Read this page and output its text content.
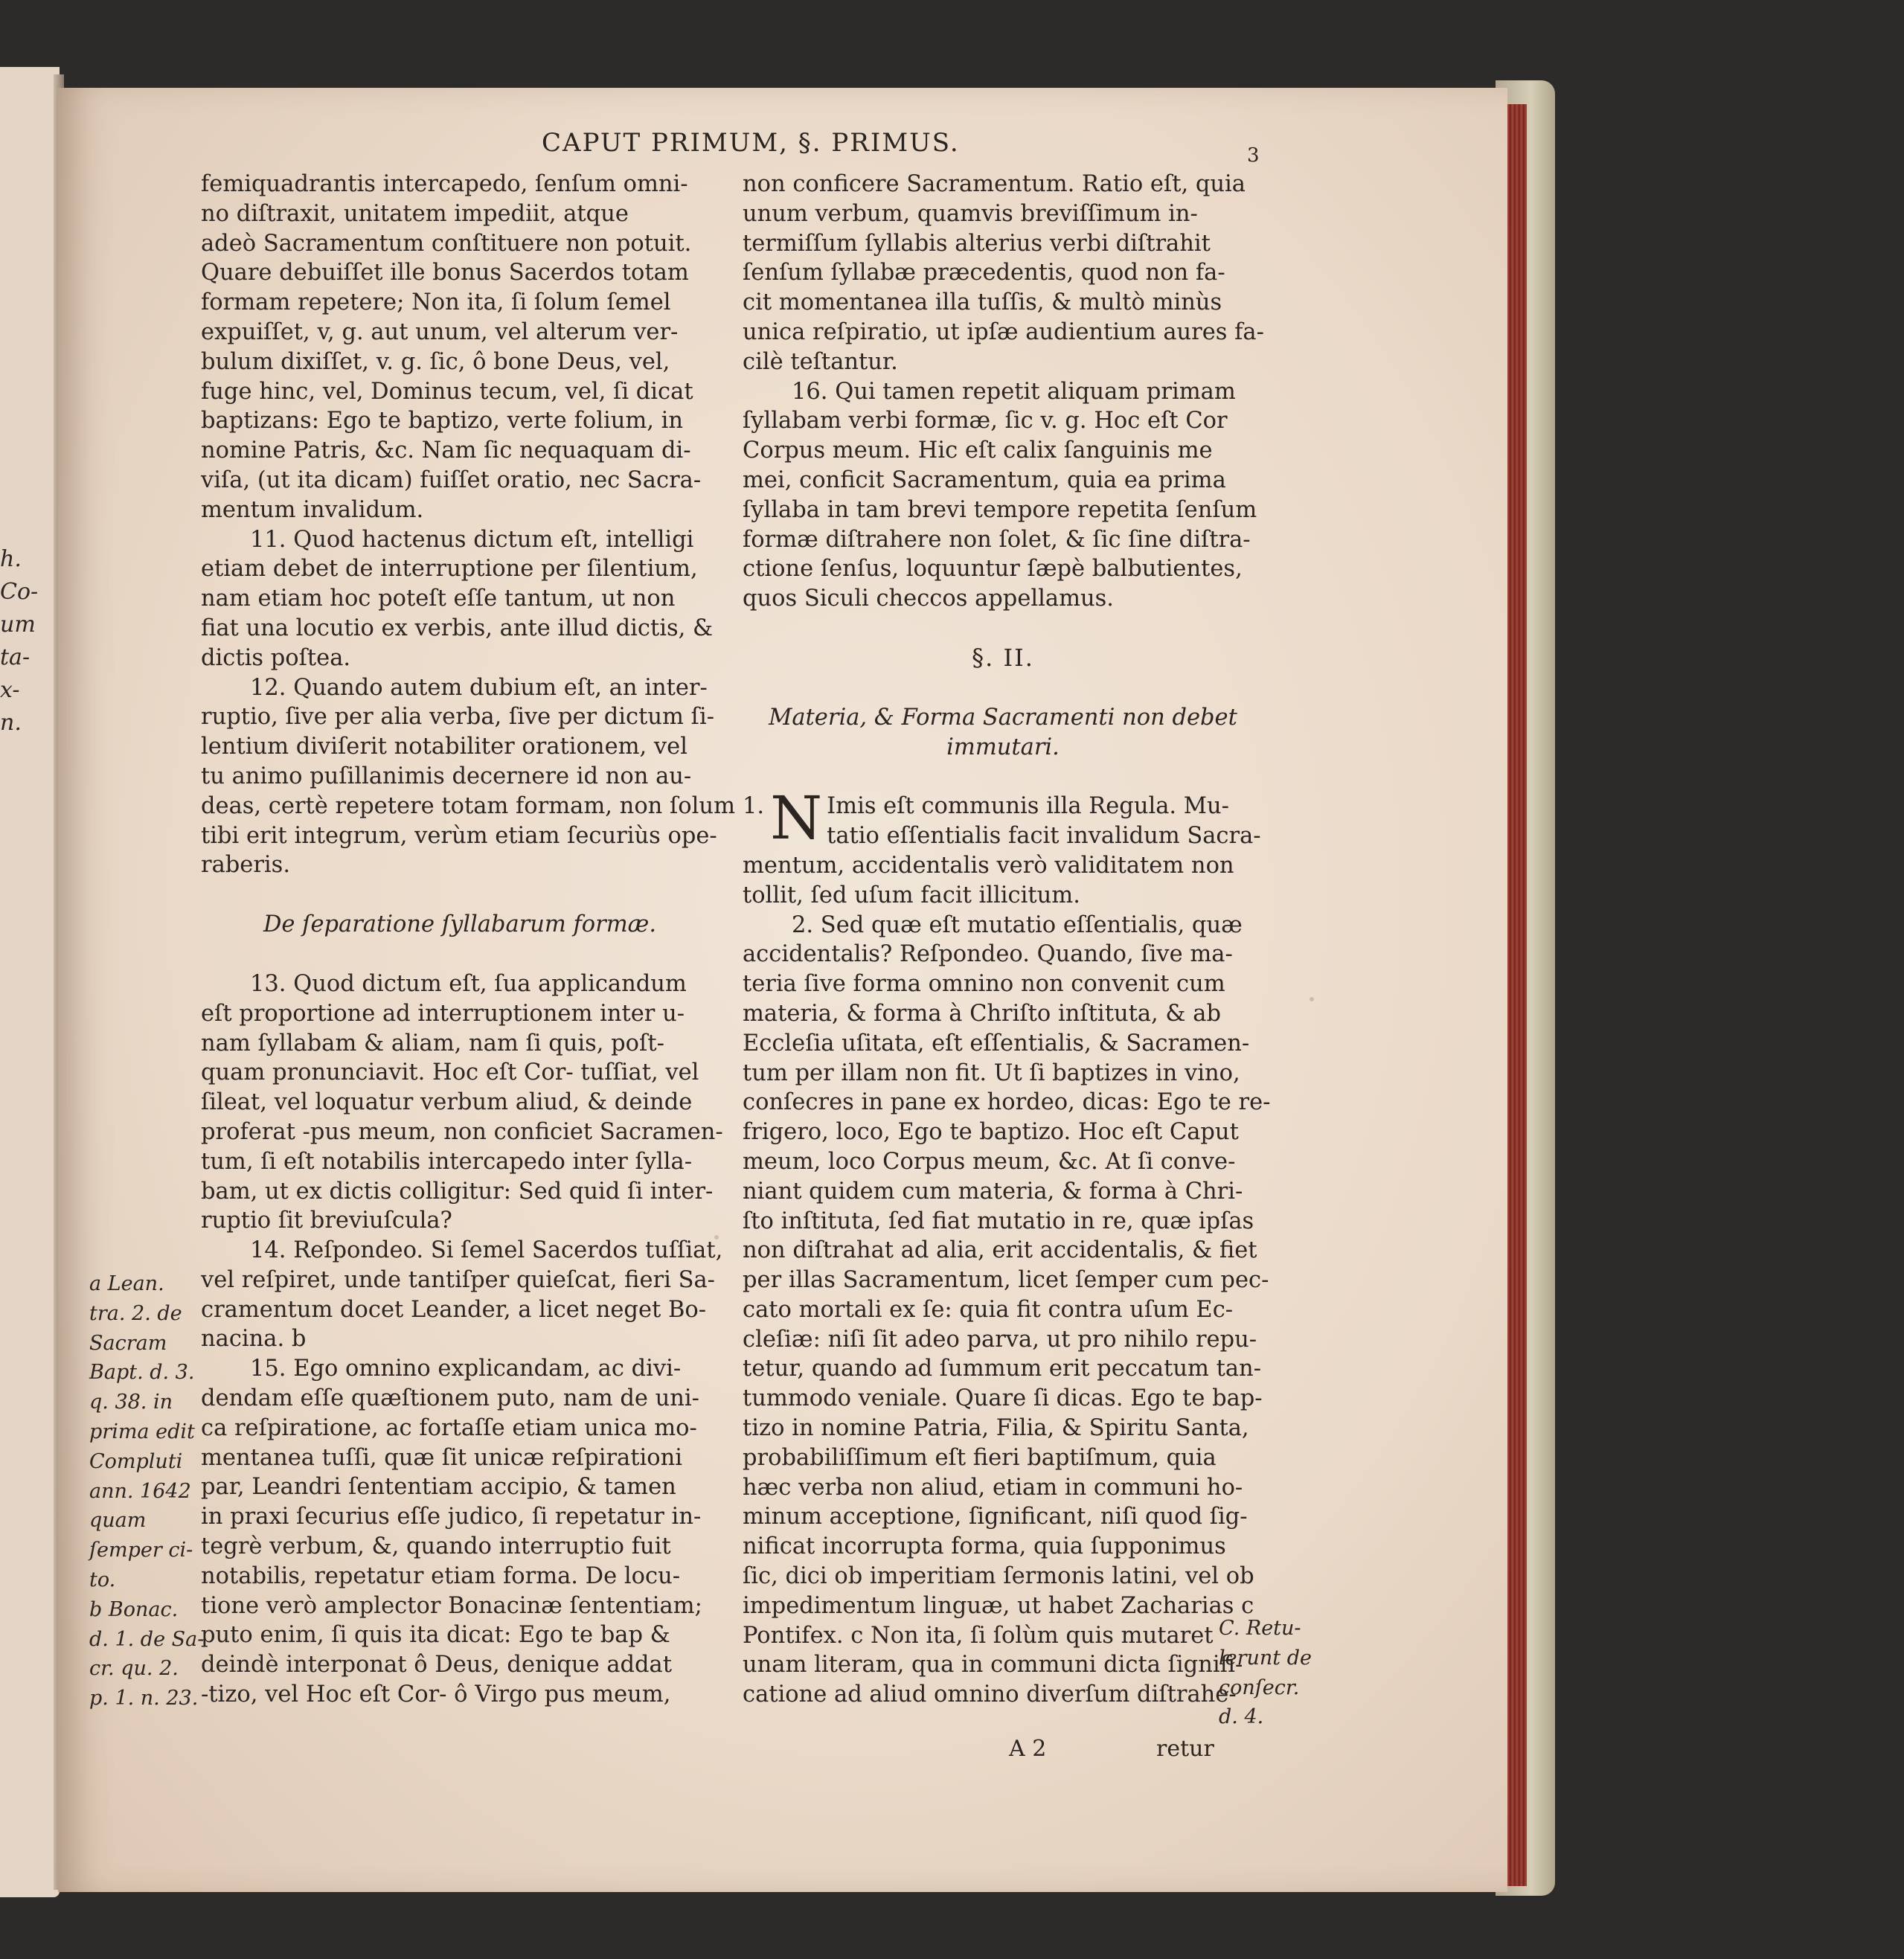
h.
Co-
um
ta-
x-
n.
CAPUT PRIMUM, §. PRIMUS.	3
femiquadrantis intercapedo, ſenſum omni-
no diſtraxit, unitatem impediit, atque
adeò Sacramentum conſtituere non potuit.
Quare debuiſſet ille bonus Sacerdos totam
formam repetere; Non ita, ſi ſolum ſemel
expuiſſet, v, g. aut unum, vel alterum ver-
bulum dixiſſet, v. g. ſic, ô bone Deus, vel,
fuge hinc, vel, Dominus tecum, vel, ſi dicat
baptizans: Ego te baptizo, verte folium, in
nomine Patris, &c. Nam ſic nequaquam di-
viſa, (ut ita dicam) fuiſſet oratio, nec Sacra-
mentum invalidum.
11. Quod hactenus dictum eſt, intelligi
etiam debet de interruptione per ſilentium,
nam etiam hoc poteſt eſſe tantum, ut non
fiat una locutio ex verbis, ante illud dictis, &
dictis poſtea.
12. Quando autem dubium eſt, an inter-
ruptio, ſive per alia verba, ſive per dictum ſi-
lentium diviſerit notabiliter orationem, vel
tu animo puſillanimis decernere id non au-
deas, certè repetere totam formam, non ſolum
tibi erit integrum, verùm etiam ſecuriùs ope-
raberis.
De ſeparatione ſyllabarum formæ.
13. Quod dictum eſt, ſua applicandum
eſt proportione ad interruptionem inter u-
nam ſyllabam & aliam, nam ſi quis, poſt-
quam pronunciavit. Hoc eſt Cor- tuſſiat, vel
ſileat, vel loquatur verbum aliud, & deinde
proferat -pus meum, non conficiet Sacramen-
tum, ſi eſt notabilis intercapedo inter ſylla-
bam, ut ex dictis colligitur: Sed quid ſi inter-
ruptio ſit breviuſcula?
14. Reſpondeo. Si ſemel Sacerdos tuſſiat,
vel reſpiret, unde tantiſper quieſcat, fieri Sa-
cramentum docet Leander, a licet neget Bo-
nacina. b
15. Ego omnino explicandam, ac divi-
dendam eſſe quæſtionem puto, nam de uni-
ca reſpiratione, ac fortaſſe etiam unica mo-
mentanea tuſſi, quæ ſit unicæ reſpirationi
par, Leandri ſententiam accipio, & tamen
in praxi ſecurius eſſe judico, ſi repetatur in-
tegrè verbum, &, quando interruptio fuit
notabilis, repetatur etiam forma. De locu-
tione verò amplector Bonacinæ ſententiam;
puto enim, ſi quis ita dicat: Ego te bap &
deindè interponat ô Deus, denique addat
-tizo, vel Hoc eſt Cor- ô Virgo pus meum,
a Lean.
tra. 2. de
Sacram
Bapt. d. 3.
q. 38. in
prima edit
Compluti
ann. 1642
quam
ſemper ci-
to.
b Bonac.
d. 1. de Sa-
cr. qu. 2.
p. 1. n. 23.
non conficere Sacramentum. Ratio eſt, quia
unum verbum, quamvis breviſſimum in-
termiſſum ſyllabis alterius verbi diſtrahit
ſenſum ſyllabæ præcedentis, quod non fa-
cit momentanea illa tuſſis, & multò minùs
unica reſpiratio, ut ipſæ audientium aures fa-
cilè teſtantur.
16. Qui tamen repetit aliquam primam
ſyllabam verbi formæ, ſic v. g. Hoc eſt Cor
Corpus meum. Hic eſt calix ſanguinis me
mei, conficit Sacramentum, quia ea prima
ſyllaba in tam brevi tempore repetita ſenſum
formæ diſtrahere non ſolet, & ſic ſine diſtra-
ctione ſenſus, loquuntur ſæpè balbutientes,
quos Siculi checcos appellamus.
§. II.
Materia, & Forma Sacramenti non debet
immutari.
1. N Imis eſt communis illa Regula. Mu-
tatio eſſentialis facit invalidum Sacra-
mentum, accidentalis verò validitatem non
tollit, ſed uſum facit illicitum.
2. Sed quæ eſt mutatio eſſentialis, quæ
accidentalis? Reſpondeo. Quando, ſive ma-
teria ſive forma omnino non convenit cum
materia, & forma à Chriſto inſtituta, & ab
Eccleſia uſitata, eſt eſſentialis, & Sacramen-
tum per illam non fit. Ut ſi baptizes in vino,
conſecres in pane ex hordeo, dicas: Ego te re-
frigero, loco, Ego te baptizo. Hoc eſt Caput
meum, loco Corpus meum, &c. At ſi conve-
niant quidem cum materia, & forma à Chri-
ſto inſtituta, ſed fiat mutatio in re, quæ ipſas
non diſtrahat ad alia, erit accidentalis, & fiet
per illas Sacramentum, licet ſemper cum pec-
cato mortali ex ſe: quia fit contra uſum Ec-
cleſiæ: niſi ſit adeo parva, ut pro nihilo repu-
tetur, quando ad ſummum erit peccatum tan-
tummodo veniale. Quare ſi dicas. Ego te bap-
tizo in nomine Patria, Filia, & Spiritu Santa,
probabiliſſimum eſt fieri baptiſmum, quia
hæc verba non aliud, etiam in communi ho-
minum acceptione, ſignificant, niſi quod ſig-
nificat incorrupta forma, quia ſupponimus
ſic, dici ob imperitiam ſermonis latini, vel ob
impedimentum linguæ, ut habet Zacharias c
Pontifex. c Non ita, ſi ſolùm quis mutaret
unam literam, qua in communi dicta ſignifi-
catione ad aliud omnino diverſum diſtrahe-
C. Retu-
lerunt de
conſecr.
d. 4.
A 2	retur
